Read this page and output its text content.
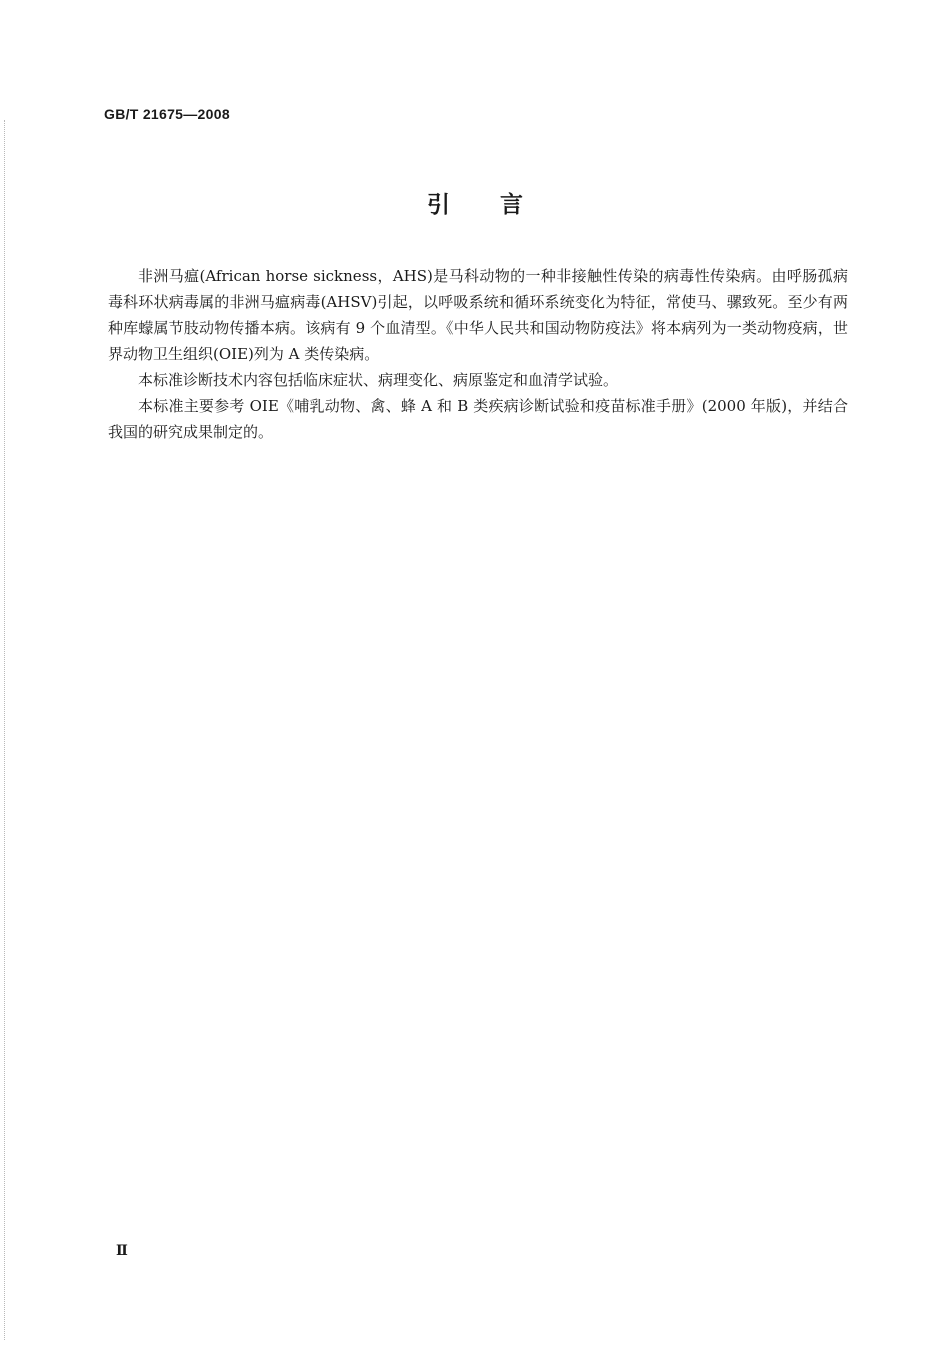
GB/T 21675—2008
引言

非洲马瘟(African horse sickness，AHS)是马科动物的一种非接触性传染的病毒性传染病。由呼肠孤病毒科环状病毒属的非洲马瘟病毒(AHSV)引起，以呼吸系统和循环系统变化为特征，常使马、骡致死。至少有两种库蠓属节肢动物传播本病。该病有 9 个血清型。《中华人民共和国动物防疫法》将本病列为一类动物疫病，世界动物卫生组织(OIE)列为 A 类传染病。

本标准诊断技术内容包括临床症状、病理变化、病原鉴定和血清学试验。

本标准主要参考 OIE《哺乳动物、禽、蜂 A 和 B 类疾病诊断试验和疫苗标准手册》(2000 年版)，并结合我国的研究成果制定的。

Ⅱ
